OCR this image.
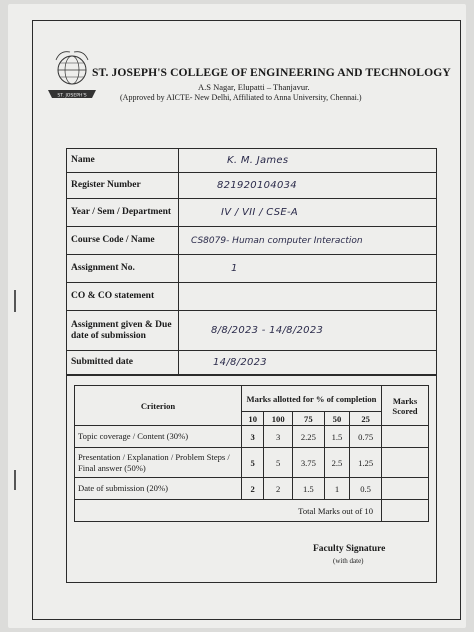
ST. JOSEPH'S
ST. JOSEPH'S COLLEGE OF ENGINEERING AND TECHNOLOGY
A.S Nagar, Elupatti – Thanjavur.
(Approved by AICTE- New Delhi, Affiliated to Anna University, Chennai.)
Name	K. M. James
Register Number	821920104034
Year / Sem / Department	IV / VII / CSE-A
Course Code / Name	CS8079- Human computer Interaction
Assignment No.	1
CO & CO statement	
Assignment given & Due date of submission	8/8/2023 - 14/8/2023
Submitted date	14/8/2023
Criterion	Marks allotted for % of completion					Marks Scored
	10	100	75	50	25	
Topic coverage / Content (30%)	3	3	2.25	1.5	0.75	
Presentation / Explanation / Problem Steps / Final answer (50%)	5	5	3.75	2.5	1.25	
Date of submission (20%)	2	2	1.5	1	0.5	
Total Marks out of 10						
Faculty Signature
(with date)
